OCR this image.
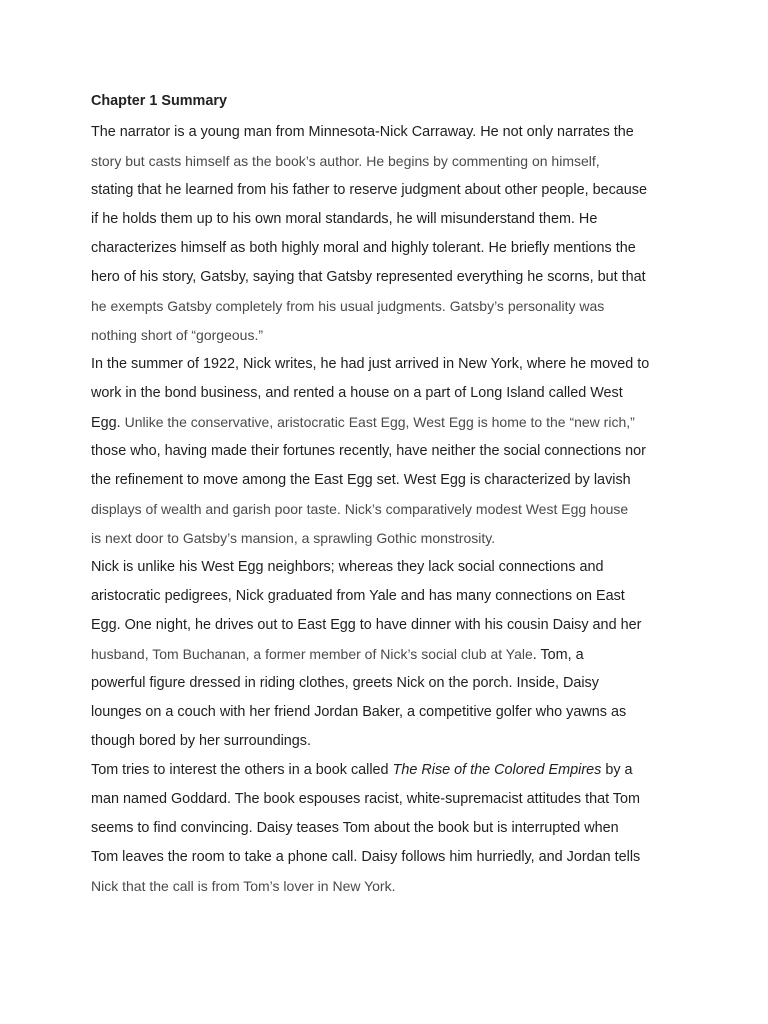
Chapter 1 Summary
The narrator is a young man from Minnesota-Nick Carraway. He not only narrates the
story but casts himself as the book’s author. He begins by commenting on himself,
stating that he learned from his father to reserve judgment about other people, because
if he holds them up to his own moral standards, he will misunderstand them. He
characterizes himself as both highly moral and highly tolerant. He briefly mentions the
hero of his story, Gatsby, saying that Gatsby represented everything he scorns, but that
he exempts Gatsby completely from his usual judgments. Gatsby’s personality was
nothing short of “gorgeous.”
In the summer of 1922, Nick writes, he had just arrived in New York, where he moved to
work in the bond business, and rented a house on a part of Long Island called West
Egg. Unlike the conservative, aristocratic East Egg, West Egg is home to the “new rich,”
those who, having made their fortunes recently, have neither the social connections nor
the refinement to move among the East Egg set. West Egg is characterized by lavish
displays of wealth and garish poor taste. Nick’s comparatively modest West Egg house
is next door to Gatsby’s mansion, a sprawling Gothic monstrosity.
Nick is unlike his West Egg neighbors; whereas they lack social connections and
aristocratic pedigrees, Nick graduated from Yale and has many connections on East
Egg. One night, he drives out to East Egg to have dinner with his cousin Daisy and her
husband, Tom Buchanan, a former member of Nick’s social club at Yale. Tom, a
powerful figure dressed in riding clothes, greets Nick on the porch. Inside, Daisy
lounges on a couch with her friend Jordan Baker, a competitive golfer who yawns as
though bored by her surroundings.
Tom tries to interest the others in a book called The Rise of the Colored Empires by a
man named Goddard. The book espouses racist, white-supremacist attitudes that Tom
seems to find convincing. Daisy teases Tom about the book but is interrupted when
Tom leaves the room to take a phone call. Daisy follows him hurriedly, and Jordan tells
Nick that the call is from Tom’s lover in New York.
